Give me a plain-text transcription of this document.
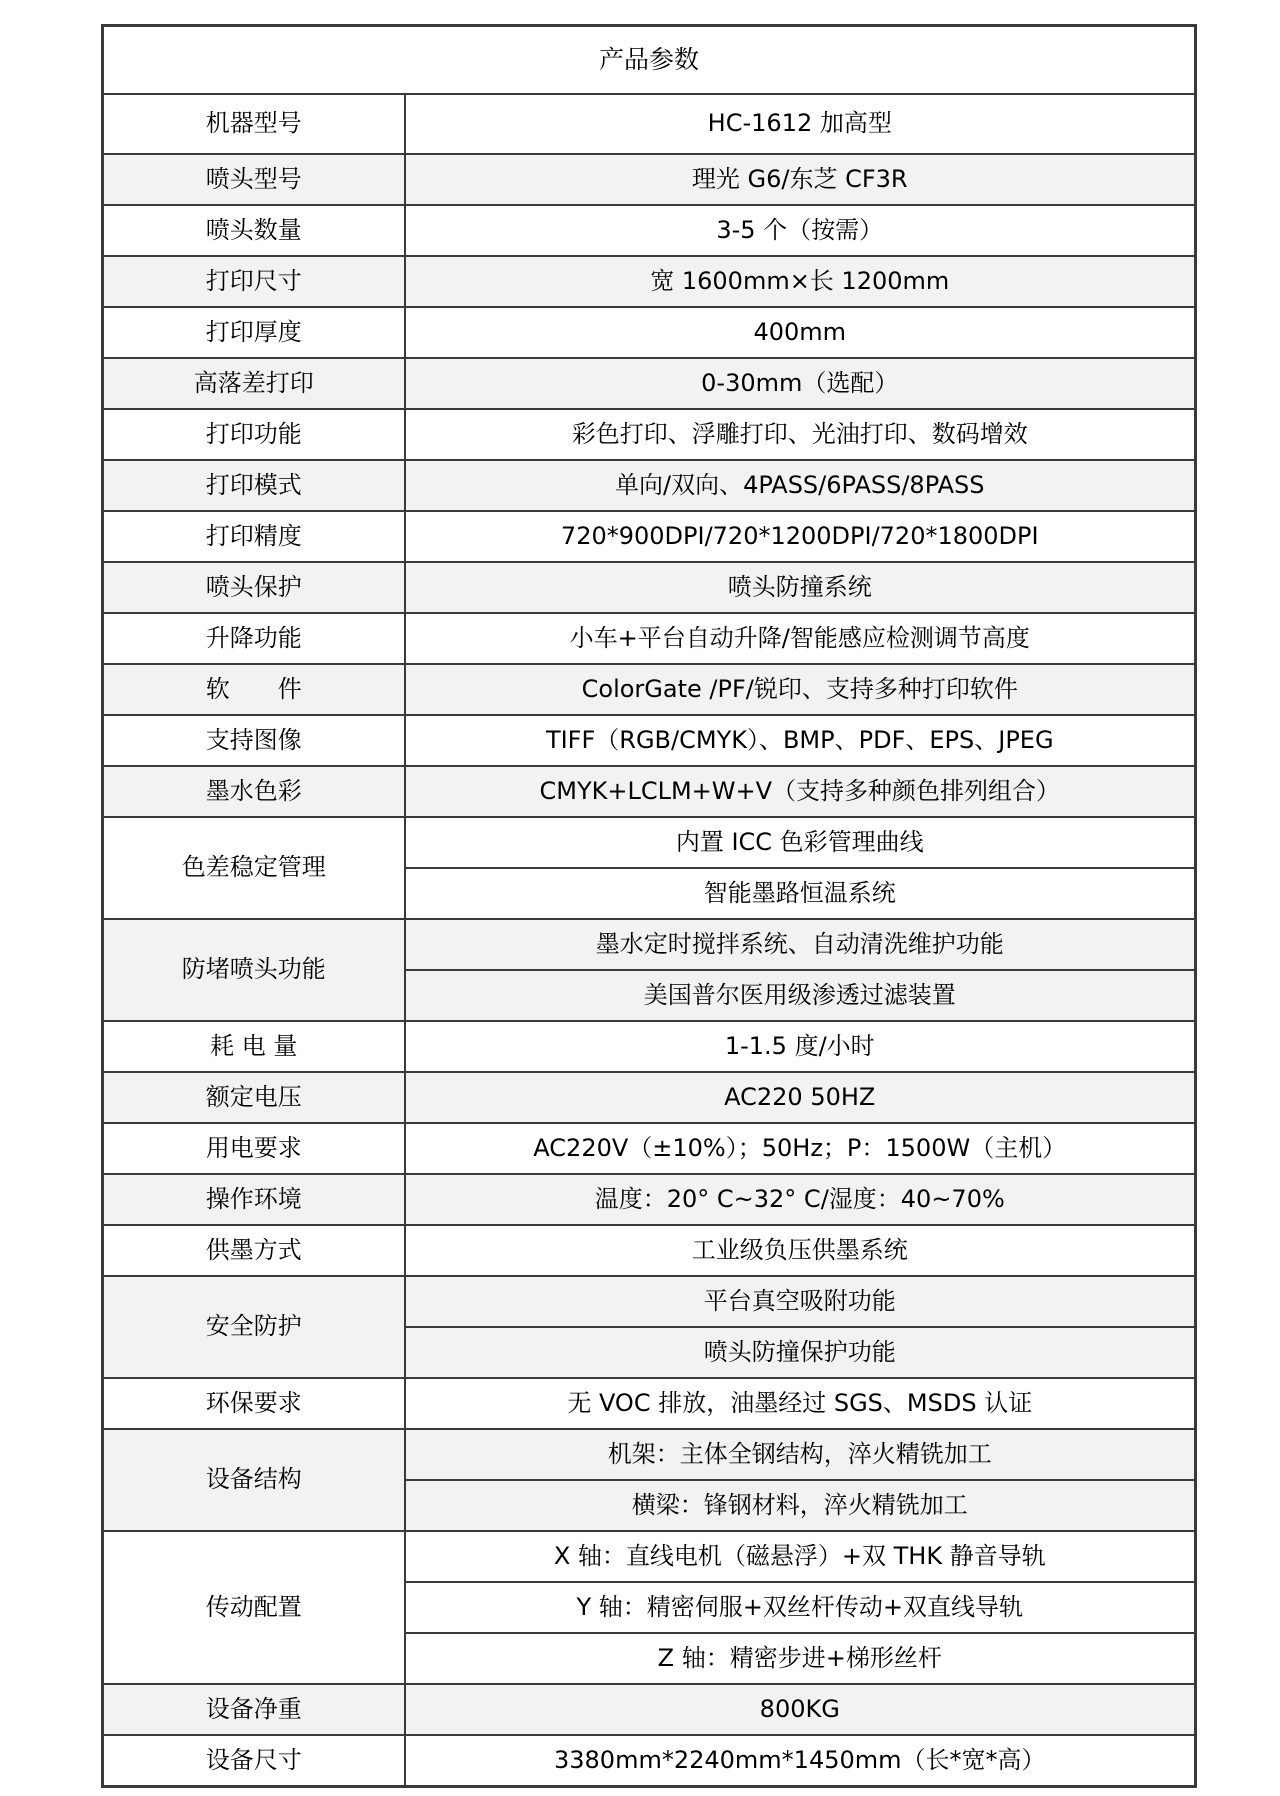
产品参数	
机器型号	HC-1612 加高型
喷头型号	理光 G6/东芝 CF3R
喷头数量	3-5 个（按需）
打印尺寸	宽 1600mm×长 1200mm
打印厚度	400mm
高落差打印	0-30mm（选配）
打印功能	彩色打印、浮雕打印、光油打印、数码增效
打印模式	单向/双向、4PASS/6PASS/8PASS
打印精度	720*900DPI/720*1200DPI/720*1800DPI
喷头保护	喷头防撞系统
升降功能	小车+平台自动升降/智能感应检测调节高度
软　　件	ColorGate /PF/锐印、支持多种打印软件
支持图像	TIFF（RGB/CMYK）、BMP、PDF、EPS、JPEG
墨水色彩	CMYK+LCLM+W+V（支持多种颜色排列组合）
色差稳定管理	内置 ICC 色彩管理曲线
	智能墨路恒温系统
防堵喷头功能	墨水定时搅拌系统、自动清洗维护功能
	美国普尔医用级渗透过滤装置
耗 电 量	1-1.5 度/小时
额定电压	AC220 50HZ
用电要求	AC220V（±10%）；50Hz；P：1500W（主机）
操作环境	温度：20° C~32° C/湿度：40~70%
供墨方式	工业级负压供墨系统
安全防护	平台真空吸附功能
	喷头防撞保护功能
环保要求	无 VOC 排放，油墨经过 SGS、MSDS 认证
设备结构	机架：主体全钢结构，淬火精铣加工
	横梁：锋钢材料，淬火精铣加工
传动配置	X 轴：直线电机（磁悬浮）+双 THK 静音导轨
	Y 轴：精密伺服+双丝杆传动+双直线导轨
	Z 轴：精密步进+梯形丝杆
设备净重	800KG
设备尺寸	3380mm*2240mm*1450mm（长*宽*高）
